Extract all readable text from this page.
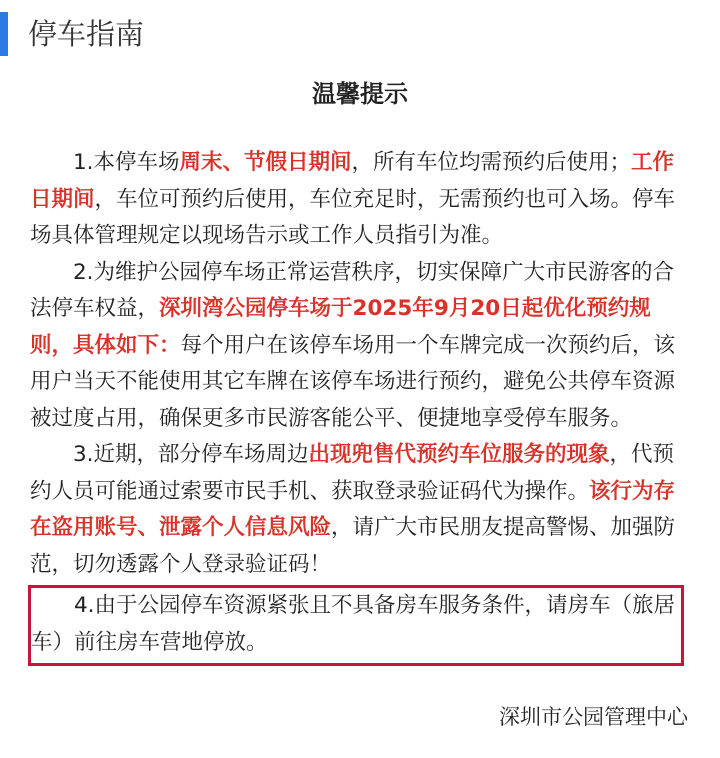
停车指南
温馨提示

1.本停车场周末、节假日期间，所有车位均需预约后使用；工作日期间，车位可预约后使用，车位充足时，无需预约也可入场。停车场具体管理规定以现场告示或工作人员指引为准。

2.为维护公园停车场正常运营秩序，切实保障广大市民游客的合法停车权益，深圳湾公园停车场于2025年9月20日起优化预约规则，具体如下：每个用户在该停车场用一个车牌完成一次预约后，该用户当天不能使用其它车牌在该停车场进行预约，避免公共停车资源被过度占用，确保更多市民游客能公平、便捷地享受停车服务。

3.近期，部分停车场周边出现兜售代预约车位服务的现象，代预约人员可能通过索要市民手机、获取登录验证码代为操作。该行为存在盗用账号、泄露个人信息风险，请广大市民朋友提高警惕、加强防范，切勿透露个人登录验证码！

4.由于公园停车资源紧张且不具备房车服务条件，请房车（旅居车）前往房车营地停放。

深圳市公园管理中心
